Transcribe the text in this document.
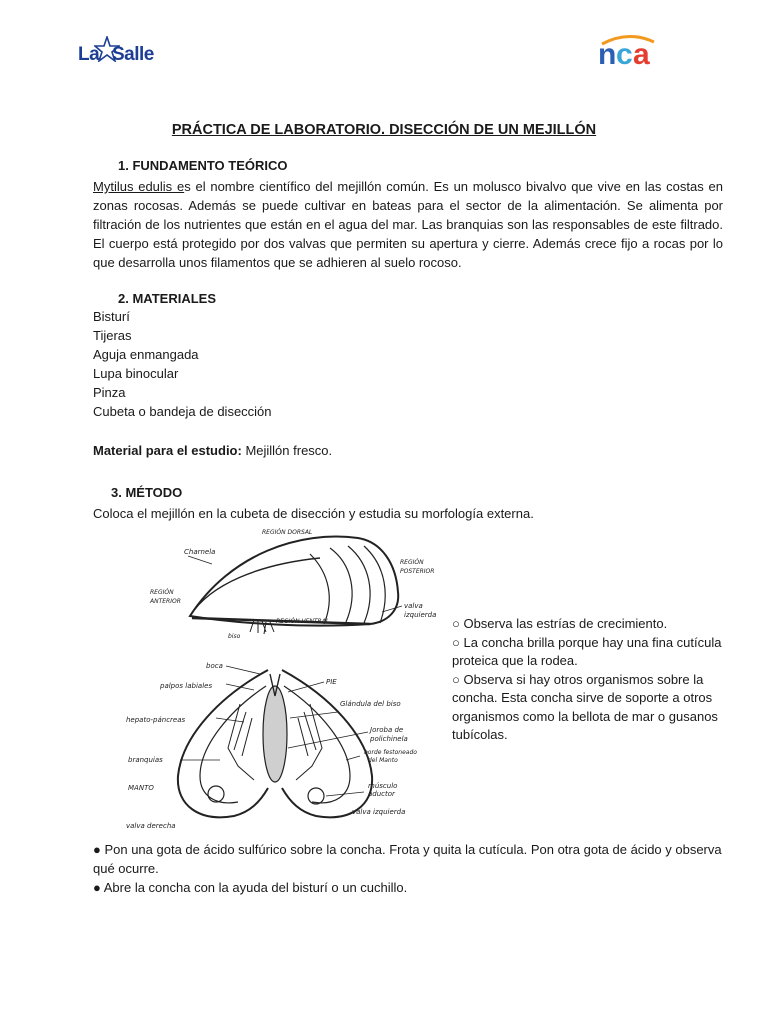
La Salle	n c a
PRÁCTICA DE LABORATORIO. DISECCIÓN DE UN MEJILLÓN
1. FUNDAMENTO TEÓRICO
Mytilus edulis es el nombre científico del mejillón común. Es un molusco bivalvo que vive en las costas en
zonas rocosas. Además se puede cultivar en bateas para el sector de la alimentación. Se alimenta por
filtración de los nutrientes que están en el agua del mar. Las branquias son las responsables de este filtrado.
El cuerpo está protegido por dos valvas que permiten su apertura y cierre. Además crece fijo a rocas por lo
que desarrolla unos filamentos que se adhieren al suelo rocoso.
2. MATERIALES
Bisturí
Tijeras
Aguja enmangada
Lupa binocular
Pinza
Cubeta o bandeja de disección
Material para el estudio: Mejillón fresco.
3. MÉTODO
Coloca el mejillón en la cubeta de disección y estudia su morfología externa.
REGIÓN DORSAL
Charnela
REGIÓN
POSTERIOR
REGIÓN
ANTERIOR
valva
izquierda
REGIÓN VENTRAL
biso
boca
palpos labiales	PIE
Glándula del biso
hepato-páncreas
Joroba de
polichinela
branquias
borde festoneado
del Manto
MANTO	músculo
aductor
valva derecha
valva izquierda
○ Observa las estrías de crecimiento.
○ La concha brilla porque hay una fina cutícula proteica que la rodea.
○ Observa si hay otros organismos sobre la concha. Esta concha sirve de soporte a otros organismos como la bellota de mar o gusanos tubícolas.
● Pon una gota de ácido sulfúrico sobre la concha. Frota y quita la cutícula. Pon otra gota de ácido y observa qué ocurre.
● Abre la concha con la ayuda del bisturí o un cuchillo.
